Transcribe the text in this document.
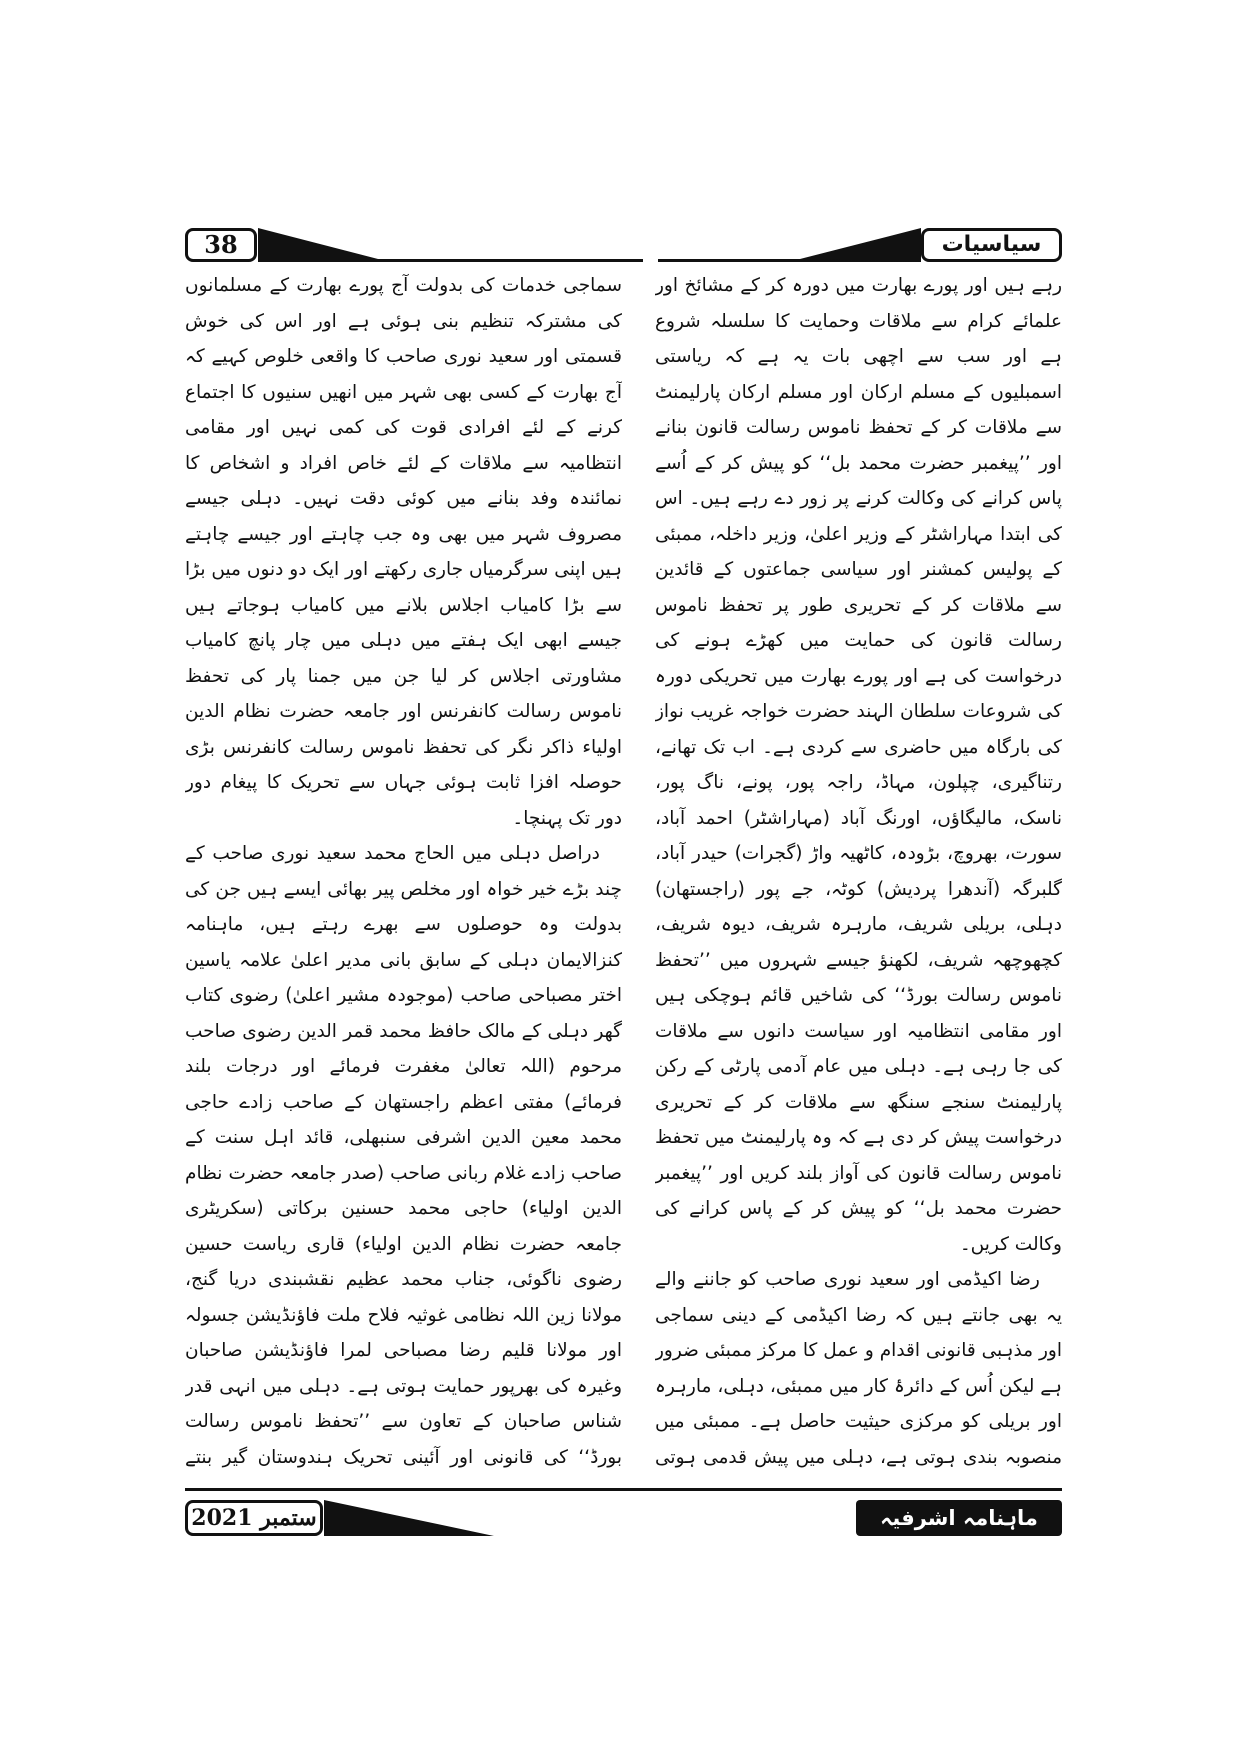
38	سیاسیات

رہے ہیں اور پورے بھارت میں دورہ کر کے مشائخ اور علمائے کرام سے ملاقات وحمایت کا سلسلہ شروع ہے اور سب سے اچھی بات یہ ہے کہ ریاستی اسمبلیوں کے مسلم ارکان اور مسلم ارکان پارلیمنٹ سے ملاقات کر کے تحفظ ناموس رسالت قانون بنانے اور ’’پیغمبر حضرت محمد بل‘‘ کو پیش کر کے اُسے پاس کرانے کی وکالت کرنے پر زور دے رہے ہیں۔ اس کی ابتدا مہاراشٹر کے وزیر اعلیٰ، وزیر داخلہ، ممبئی کے پولیس کمشنر اور سیاسی جماعتوں کے قائدین سے ملاقات کر کے تحریری طور پر تحفظ ناموس رسالت قانون کی حمایت میں کھڑے ہونے کی درخواست کی ہے اور پورے بھارت میں تحریکی دورہ کی شروعات سلطان الہند حضرت خواجہ غریب نواز کی بارگاہ میں حاضری سے کردی ہے۔ اب تک تھانے، رتناگیری، چپلون، مہاڈ، راجہ پور، پونے، ناگ پور، ناسک، مالیگاؤں، اورنگ آباد (مہاراشٹر) احمد آباد، سورت، بھروچ، بڑودہ، کاٹھیہ واڑ (گجرات) حیدر آباد، گلبرگہ (آندھرا پردیش) کوٹہ، جے پور (راجستھان) دہلی، بریلی شریف، مارہرہ شریف، دیوہ شریف، کچھوچھہ شریف، لکھنؤ جیسے شہروں میں ’’تحفظ ناموس رسالت بورڈ‘‘ کی شاخیں قائم ہوچکی ہیں اور مقامی انتظامیہ اور سیاست دانوں سے ملاقات کی جا رہی ہے۔ دہلی میں عام آدمی پارٹی کے رکن پارلیمنٹ سنجے سنگھ سے ملاقات کر کے تحریری درخواست پیش کر دی ہے کہ وہ پارلیمنٹ میں تحفظ ناموس رسالت قانون کی آواز بلند کریں اور ’’پیغمبر حضرت محمد بل‘‘ کو پیش کر کے پاس کرانے کی وکالت کریں۔

رضا اکیڈمی اور سعید نوری صاحب کو جاننے والے یہ بھی جانتے ہیں کہ رضا اکیڈمی کے دینی سماجی اور مذہبی قانونی اقدام و عمل کا مرکز ممبئی ضرور ہے لیکن اُس کے دائرۂ کار میں ممبئی، دہلی، مارہرہ اور بریلی کو مرکزی حیثیت حاصل ہے۔ ممبئی میں منصوبہ بندی ہوتی ہے، دہلی میں پیش قدمی ہوتی

سماجی خدمات کی بدولت آج پورے بھارت کے مسلمانوں کی مشترکہ تنظیم بنی ہوئی ہے اور اس کی خوش قسمتی اور سعید نوری صاحب کا واقعی خلوص کہیے کہ آج بھارت کے کسی بھی شہر میں انھیں سنیوں کا اجتماع کرنے کے لئے افرادی قوت کی کمی نہیں اور مقامی انتظامیہ سے ملاقات کے لئے خاص افراد و اشخاص کا نمائندہ وفد بنانے میں کوئی دقت نہیں۔ دہلی جیسے مصروف شہر میں بھی وہ جب چاہتے اور جیسے چاہتے ہیں اپنی سرگرمیاں جاری رکھتے اور ایک دو دنوں میں بڑا سے بڑا کامیاب اجلاس بلانے میں کامیاب ہوجاتے ہیں جیسے ابھی ایک ہفتے میں دہلی میں چار پانچ کامیاب مشاورتی اجلاس کر لیا جن میں جمنا پار کی تحفظ ناموس رسالت کانفرنس اور جامعہ حضرت نظام الدین اولیاء ذاکر نگر کی تحفظ ناموس رسالت کانفرنس بڑی حوصلہ افزا ثابت ہوئی جہاں سے تحریک کا پیغام دور دور تک پہنچا۔

دراصل دہلی میں الحاج محمد سعید نوری صاحب کے چند بڑے خیر خواہ اور مخلص پیر بھائی ایسے ہیں جن کی بدولت وہ حوصلوں سے بھرے رہتے ہیں، ماہنامہ کنزالایمان دہلی کے سابق بانی مدیر اعلیٰ علامہ یاسین اختر مصباحی صاحب (موجودہ مشیر اعلیٰ) رضوی کتاب گھر دہلی کے مالک حافظ محمد قمر الدین رضوی صاحب مرحوم (اللہ تعالیٰ مغفرت فرمائے اور درجات بلند فرمائے) مفتی اعظم راجستھان کے صاحب زادے حاجی محمد معین الدین اشرفی سنبھلی، قائد اہل سنت کے صاحب زادے غلام ربانی صاحب (صدر جامعہ حضرت نظام الدین اولیاء) حاجی محمد حسنین برکاتی (سکریٹری جامعہ حضرت نظام الدین اولیاء) قاری ریاست حسین رضوی ناگوئی، جناب محمد عظیم نقشبندی دریا گنج، مولانا زین اللہ نظامی غوثیہ فلاح ملت فاؤنڈیشن جسولہ اور مولانا قلیم رضا مصباحی لمرا فاؤنڈیشن صاحبان وغیرہ کی بھرپور حمایت ہوتی ہے۔ دہلی میں انہی قدر شناس صاحبان کے تعاون سے ’’تحفظ ناموس رسالت بورڈ‘‘ کی قانونی اور آئینی تحریک ہندوستان گیر بنتے

ستمبر 2021	ماہنامہ اشرفیہ
